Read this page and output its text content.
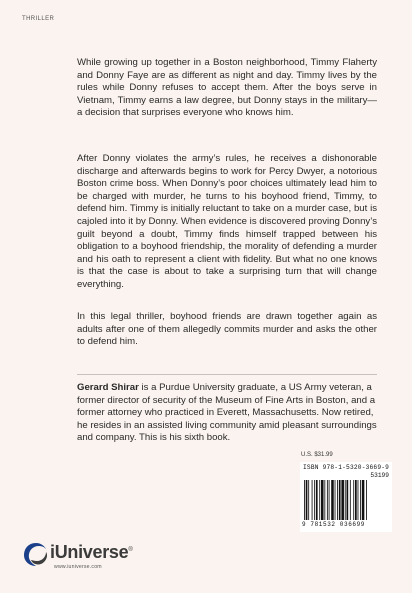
THRILLER

While growing up together in a Boston neighborhood, Timmy Flaherty and Donny Faye are as different as night and day. Timmy lives by the rules while Donny refuses to accept them. After the boys serve in Vietnam, Timmy earns a law degree, but Donny stays in the military—a decision that surprises everyone who knows him.

After Donny violates the army’s rules, he receives a dishonorable discharge and afterwards begins to work for Percy Dwyer, a notorious Boston crime boss. When Donny’s poor choices ultimately lead him to be charged with murder, he turns to his boyhood friend, Timmy, to defend him. Timmy is initially reluctant to take on a murder case, but is cajoled into it by Donny. When evidence is discovered proving Donny’s guilt beyond a doubt, Timmy finds himself trapped between his obligation to a boyhood friendship, the morality of defending a murder and his oath to represent a client with fidelity. But what no one knows is that the case is about to take a surprising turn that will change everything.

In this legal thriller, boyhood friends are drawn together again as adults after one of them allegedly commits murder and asks the other to defend him.

Gerard Shirar is a Purdue University graduate, a US Army veteran, a former director of security of the Museum of Fine Arts in Boston, and a former attorney who practiced in Everett, Massachusetts. Now retired, he resides in an assisted living community amid pleasant surroundings and company. This is his sixth book.

U.S. $31.99
ISBN 978-1-5320-3669-9
53199
9 781532 036699
iUniverse®
www.iuniverse.com
